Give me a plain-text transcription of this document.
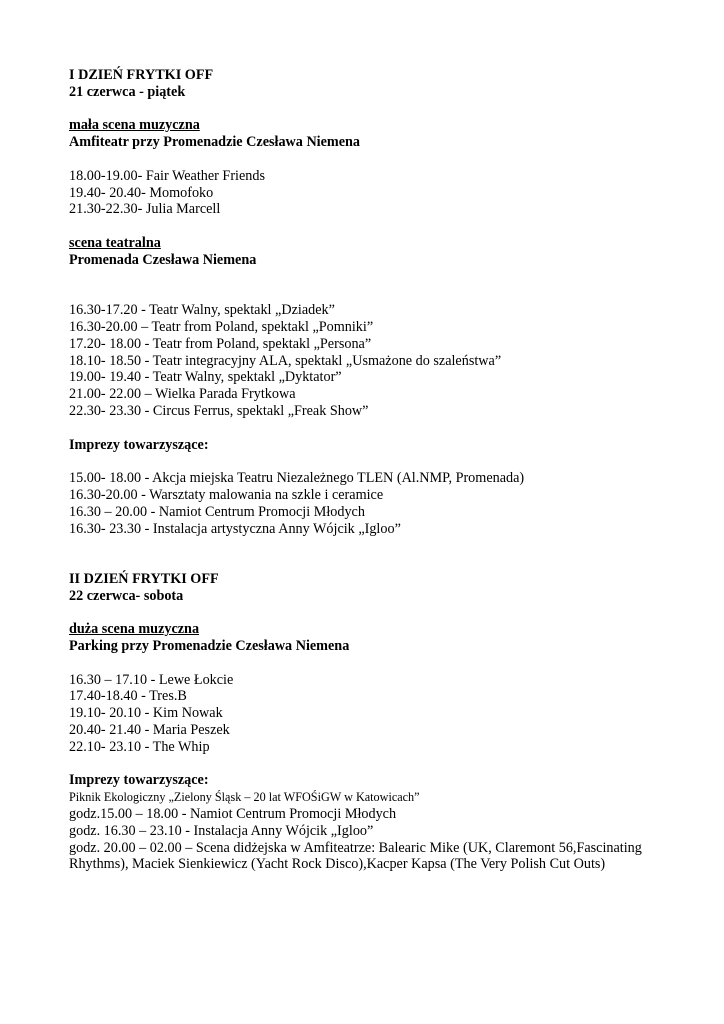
I DZIEŃ FRYTKI OFF
21 czerwca - piątek
mała scena muzyczna
Amfiteatr przy Promenadzie Czesława Niemena
18.00-19.00- Fair Weather Friends
19.40- 20.40- Momofoko
21.30-22.30- Julia Marcell
scena teatralna
Promenada Czesława Niemena
16.30-17.20 - Teatr Walny, spektakl „Dziadek”
16.30-20.00 – Teatr from Poland, spektakl „Pomniki”
17.20- 18.00 - Teatr from Poland, spektakl „Persona”
18.10- 18.50 - Teatr integracyjny ALA, spektakl „Usmażone do szaleństwa”
19.00- 19.40 - Teatr Walny, spektakl „Dyktator”
21.00- 22.00 – Wielka Parada Frytkowa
22.30- 23.30 - Circus Ferrus, spektakl „Freak Show”
Imprezy towarzyszące:
15.00- 18.00 - Akcja miejska Teatru Niezależnego TLEN (Al.NMP, Promenada)
16.30-20.00 - Warsztaty malowania na szkle i ceramice
16.30 – 20.00 - Namiot Centrum Promocji Młodych
16.30- 23.30 - Instalacja artystyczna Anny Wójcik „Igloo”
II DZIEŃ FRYTKI OFF
22 czerwca- sobota
duża scena muzyczna
Parking przy Promenadzie Czesława Niemena
16.30 – 17.10 - Lewe Łokcie
17.40-18.40 - Tres.B
19.10- 20.10 - Kim Nowak
20.40- 21.40 - Maria Peszek
22.10- 23.10 - The Whip
Imprezy towarzyszące:
Piknik Ekologiczny „Zielony Śląsk – 20 lat WFOŚiGW w Katowicach”
godz.15.00 – 18.00 - Namiot Centrum Promocji Młodych
godz. 16.30 – 23.10 - Instalacja Anny Wójcik „Igloo”
godz. 20.00 – 02.00 – Scena didżejska w Amfiteatrze: Balearic Mike (UK, Claremont 56,Fascinating Rhythms), Maciek Sienkiewicz (Yacht Rock Disco),Kacper Kapsa (The Very Polish Cut Outs)
